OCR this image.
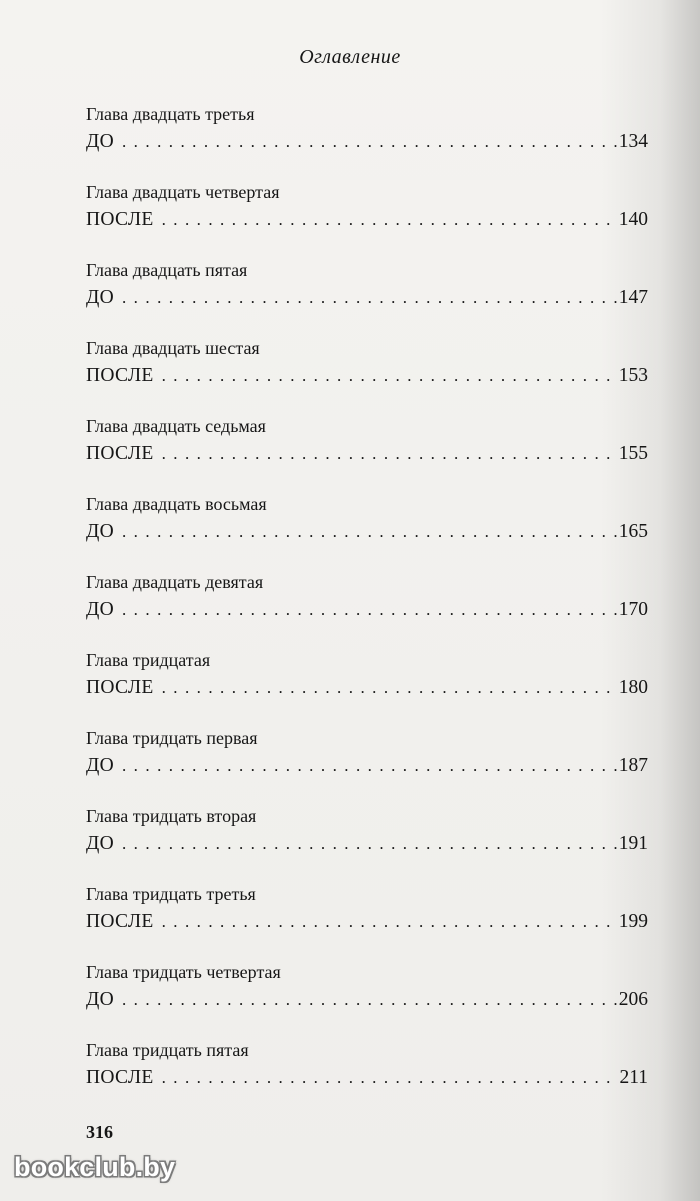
Оглавление
Глава двадцать третья
ДО . . .	134
Глава двадцать четвертая
ПОСЛЕ . . .	140
Глава двадцать пятая
ДО . . .	147
Глава двадцать шестая
ПОСЛЕ . . .	153
Глава двадцать седьмая
ПОСЛЕ . . .	155
Глава двадцать восьмая
ДО . . .	165
Глава двадцать девятая
ДО . . .	170
Глава тридцатая
ПОСЛЕ . . .	180
Глава тридцать первая
ДО . . .	187
Глава тридцать вторая
ДО . . .	191
Глава тридцать третья
ПОСЛЕ . . .	199
Глава тридцать четвертая
ДО . . .	206
Глава тридцать пятая
ПОСЛЕ . . .	211
316
bookclub.by
